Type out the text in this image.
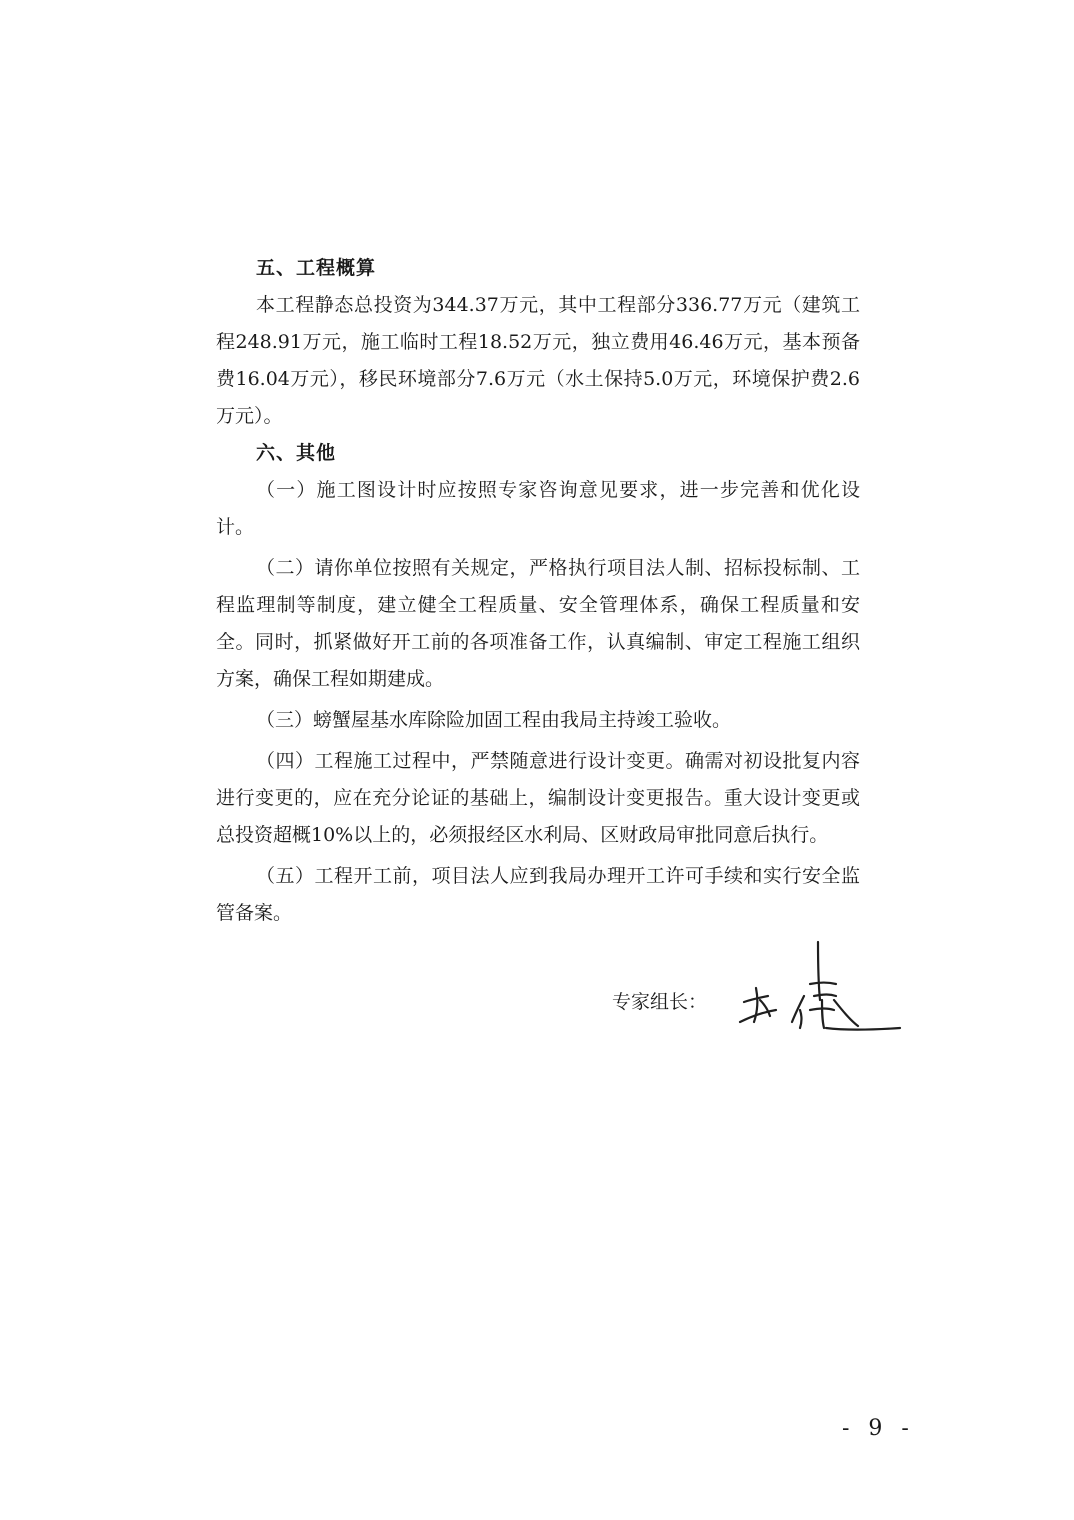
五、工程概算

本工程静态总投资为344.37万元，其中工程部分336.77万元（建筑工程248.91万元，施工临时工程18.52万元，独立费用46.46万元，基本预备费16.04万元），移民环境部分7.6万元（水土保持5.0万元，环境保护费2.6万元）。

六、其他

（一）施工图设计时应按照专家咨询意见要求，进一步完善和优化设计。

（二）请你单位按照有关规定，严格执行项目法人制、招标投标制、工程监理制等制度，建立健全工程质量、安全管理体系，确保工程质量和安全。同时，抓紧做好开工前的各项准备工作，认真编制、审定工程施工组织方案，确保工程如期建成。

（三）螃蟹屋基水库除险加固工程由我局主持竣工验收。

（四）工程施工过程中，严禁随意进行设计变更。确需对初设批复内容进行变更的，应在充分论证的基础上，编制设计变更报告。重大设计变更或总投资超概10%以上的，必须报经区水利局、区财政局审批同意后执行。

（五）工程开工前，项目法人应到我局办理开工许可手续和实行安全监管备案。

专家组长：
- 9 -
